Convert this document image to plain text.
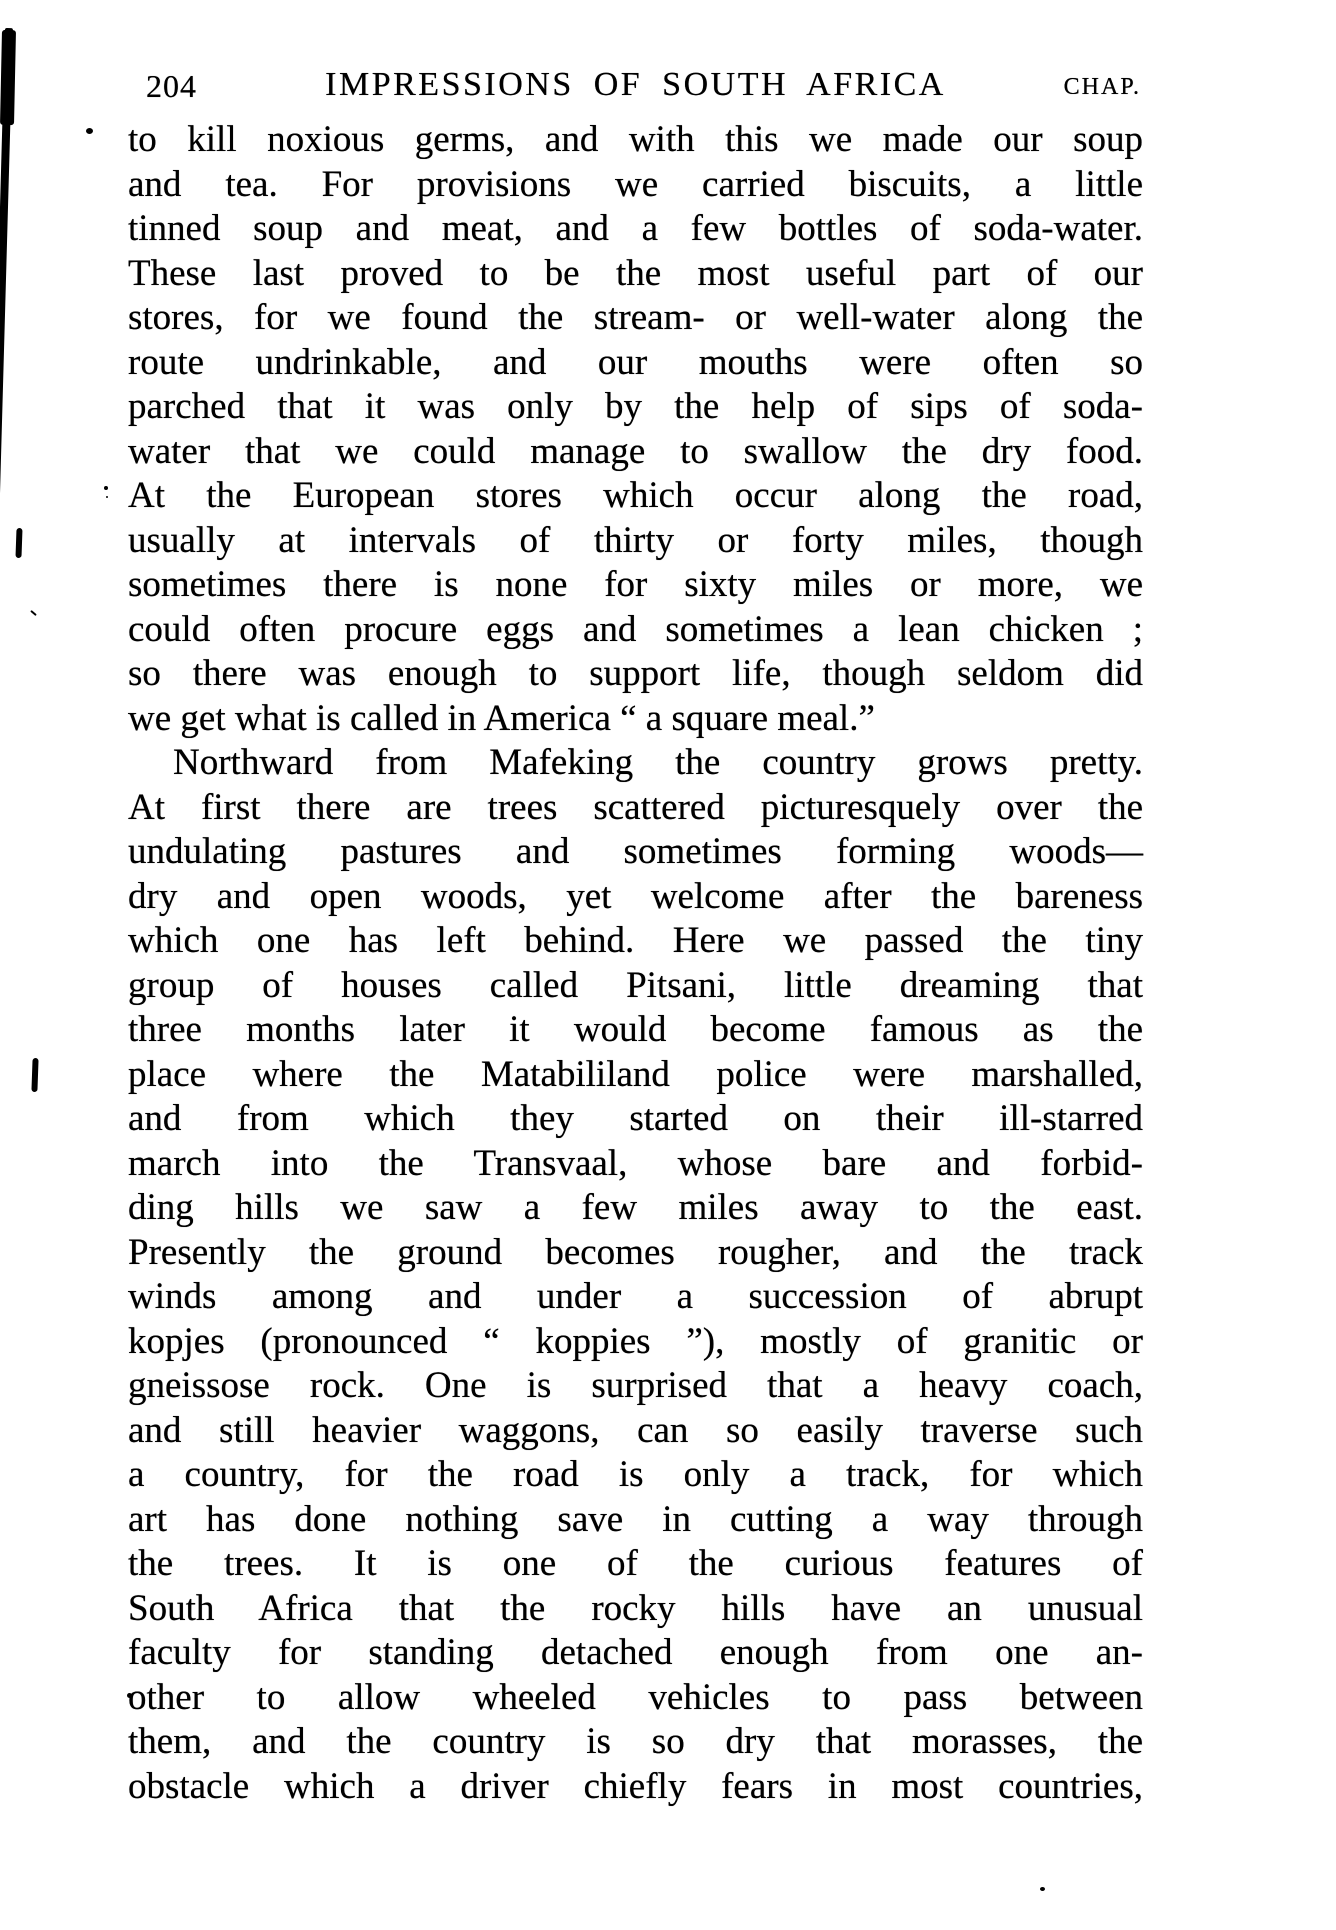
204	IMPRESSIONS OF SOUTH AFRICA	CHAP.
to kill noxious germs, and with this we made our soup
and tea. For provisions we carried biscuits, a little
tinned soup and meat, and a few bottles of soda-water.
These last proved to be the most useful part of our
stores, for we found the stream- or well-water along the
route undrinkable, and our mouths were often so
parched that it was only by the help of sips of soda-
water that we could manage to swallow the dry food.
At the European stores which occur along the road,
usually at intervals of thirty or forty miles, though
sometimes there is none for sixty miles or more, we
could often procure eggs and sometimes a lean chicken ;
so there was enough to support life, though seldom did
we get what is called in America “ a square meal.”
Northward from Mafeking the country grows pretty.
At first there are trees scattered picturesquely over the
undulating pastures and sometimes forming woods—
dry and open woods, yet welcome after the bareness
which one has left behind. Here we passed the tiny
group of houses called Pitsani, little dreaming that
three months later it would become famous as the
place where the Matabililand police were marshalled,
and from which they started on their ill-starred
march into the Transvaal, whose bare and forbid-
ding hills we saw a few miles away to the east.
Presently the ground becomes rougher, and the track
winds among and under a succession of abrupt
kopjes (pronounced “ koppies ”), mostly of granitic or
gneissose rock. One is surprised that a heavy coach,
and still heavier waggons, can so easily traverse such
a country, for the road is only a track, for which
art has done nothing save in cutting a way through
the trees. It is one of the curious features of
South Africa that the rocky hills have an unusual
faculty for standing detached enough from one an-
other to allow wheeled vehicles to pass between
them, and the country is so dry that morasses, the
obstacle which a driver chiefly fears in most countries,
